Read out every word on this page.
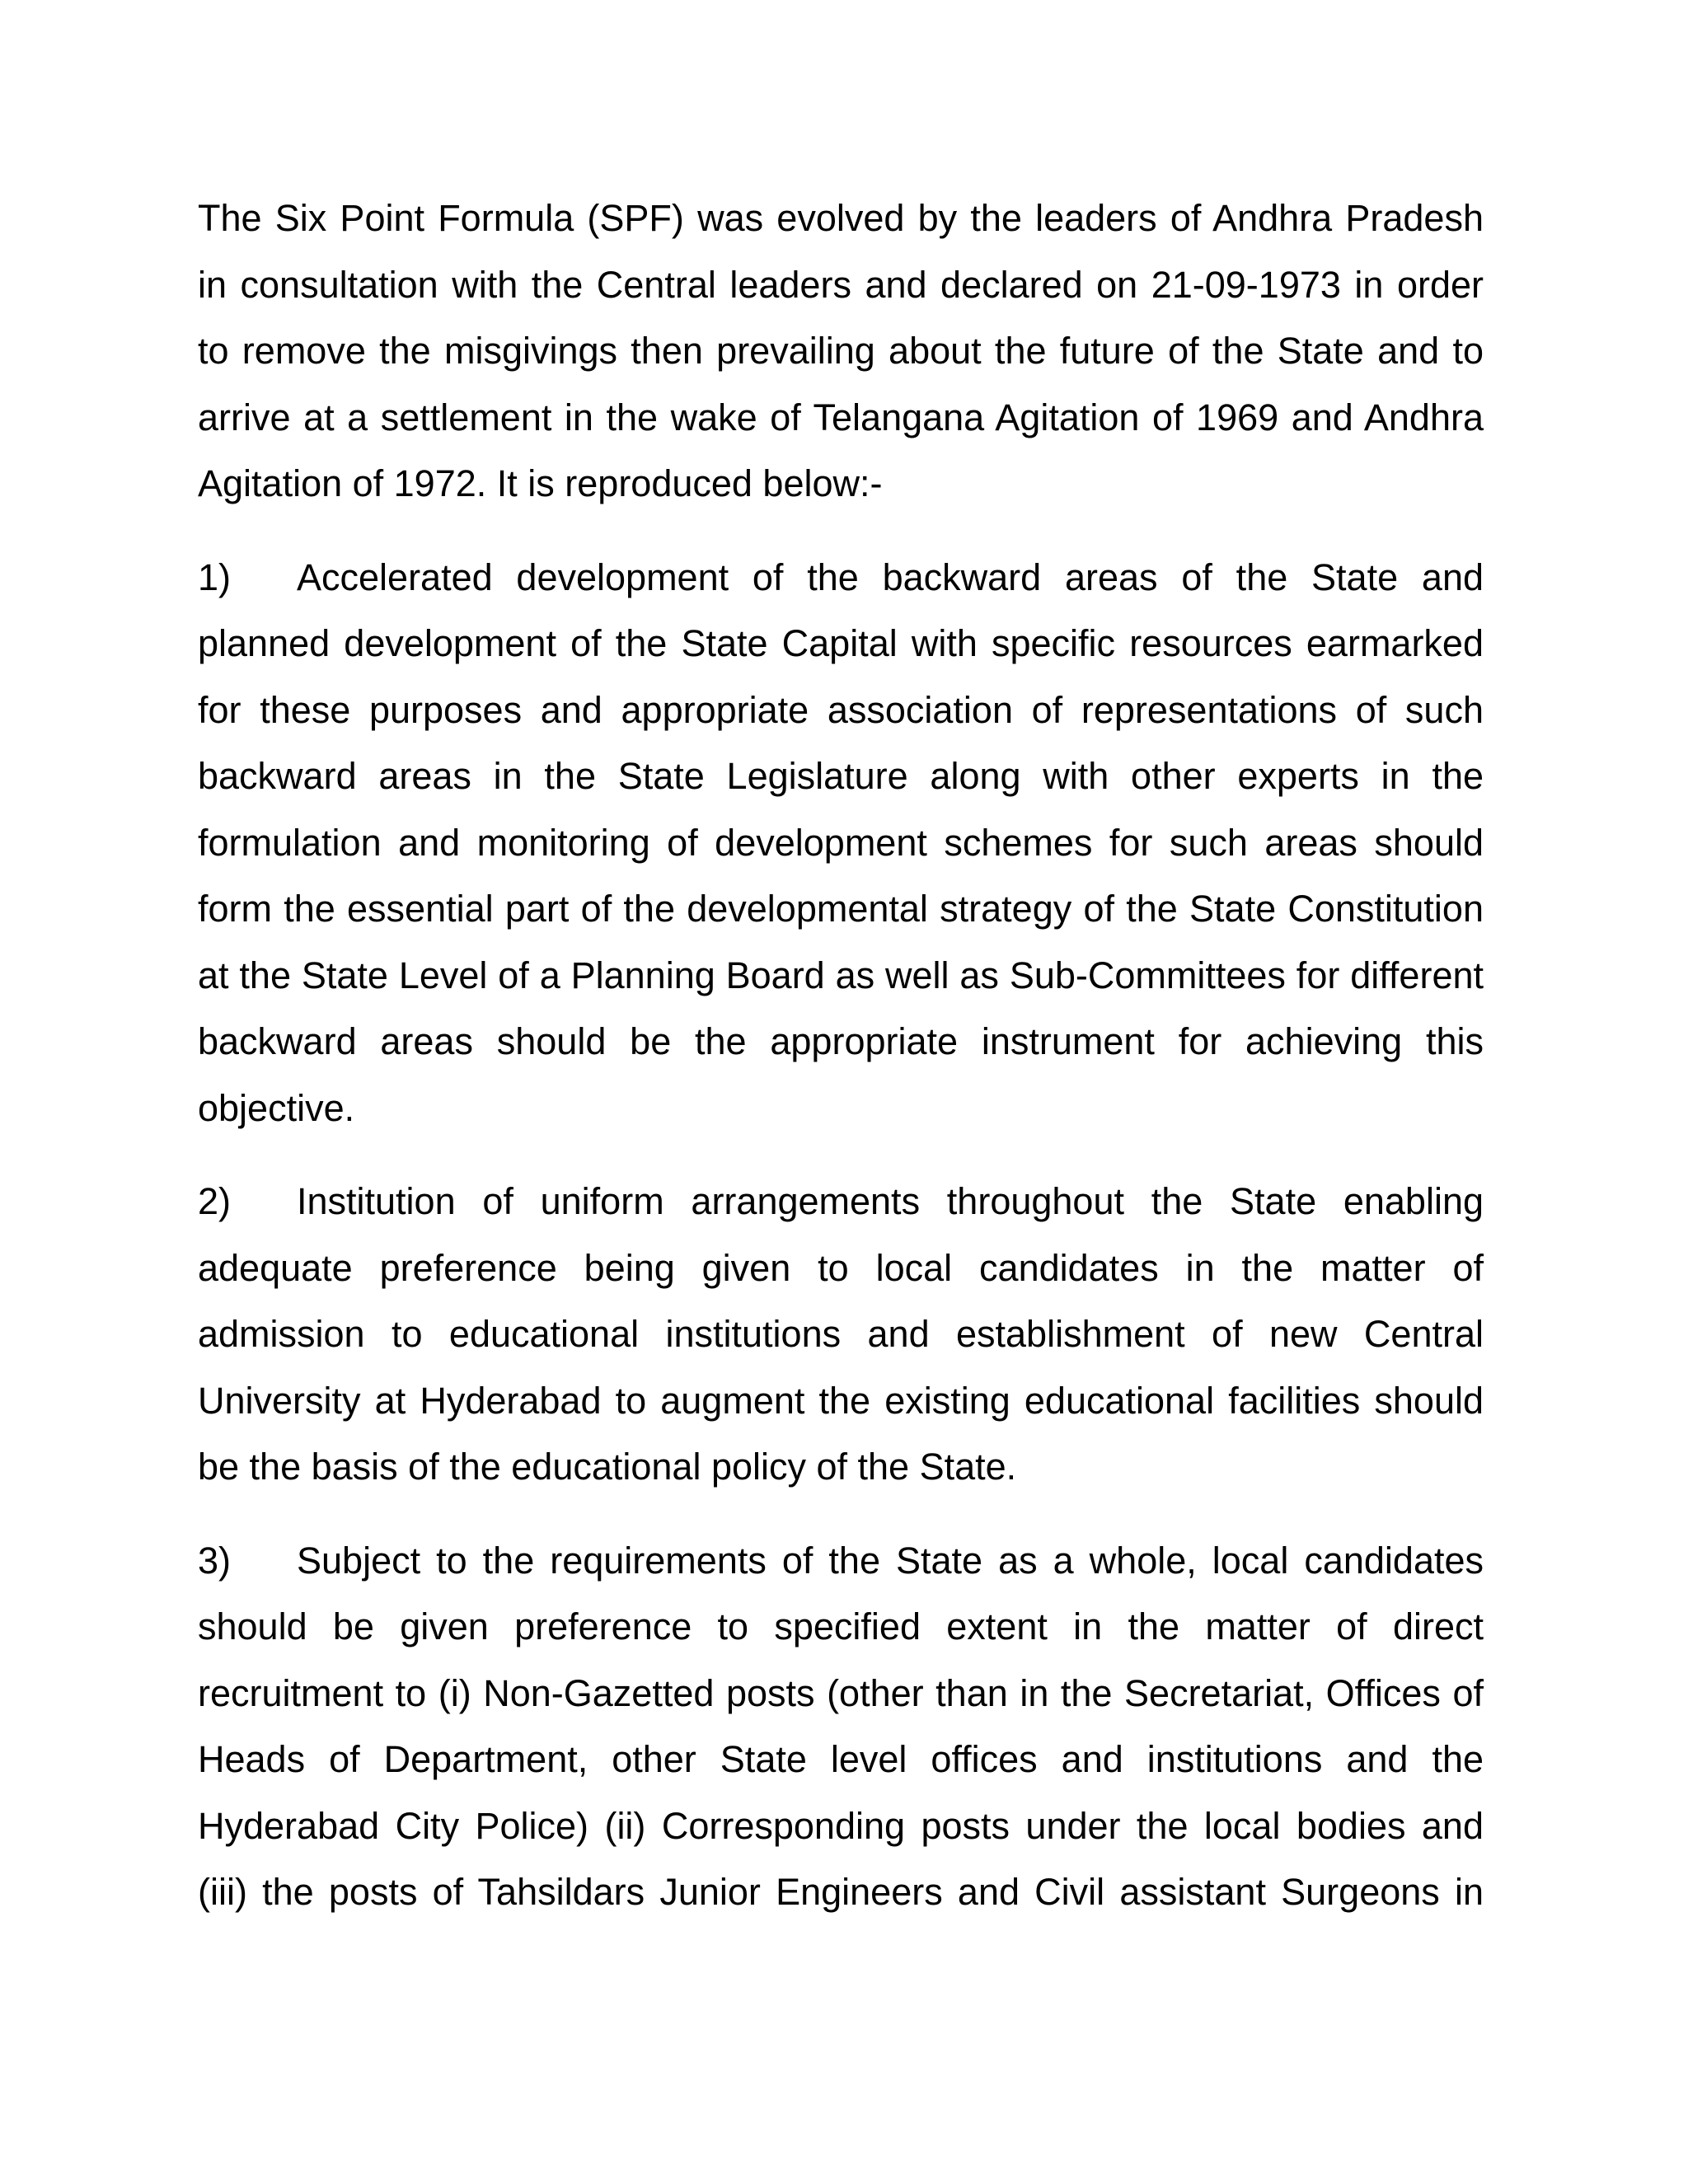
The Six Point Formula (SPF) was evolved by the leaders of Andhra Pradesh in consultation with the Central leaders and declared on 21-09-1973 in order to remove the misgivings then prevailing about the future of the State and to arrive at a settlement in the wake of Telangana Agitation of 1969 and Andhra Agitation of 1972. It is reproduced below:-

1) Accelerated development of the backward areas of the State and planned development of the State Capital with specific resources earmarked for these purposes and appropriate association of representations of such backward areas in the State Legislature along with other experts in the formulation and monitoring of development schemes for such areas should form the essential part of the developmental strategy of the State Constitution at the State Level of a Planning Board as well as Sub-Committees for different backward areas should be the appropriate instrument for achieving this objective.

2) Institution of uniform arrangements throughout the State enabling adequate preference being given to local candidates in the matter of admission to educational institutions and establishment of new Central University at Hyderabad to augment the existing educational facilities should be the basis of the educational policy of the State.

3) Subject to the requirements of the State as a whole, local candidates should be given preference to specified extent in the matter of direct recruitment to (i) Non-Gazetted posts (other than in the Secretariat, Offices of Heads of Department, other State level offices and institutions and the Hyderabad City Police) (ii) Corresponding posts under the local bodies and (iii) the posts of Tahsildars Junior Engineers and Civil assistant Surgeons in
